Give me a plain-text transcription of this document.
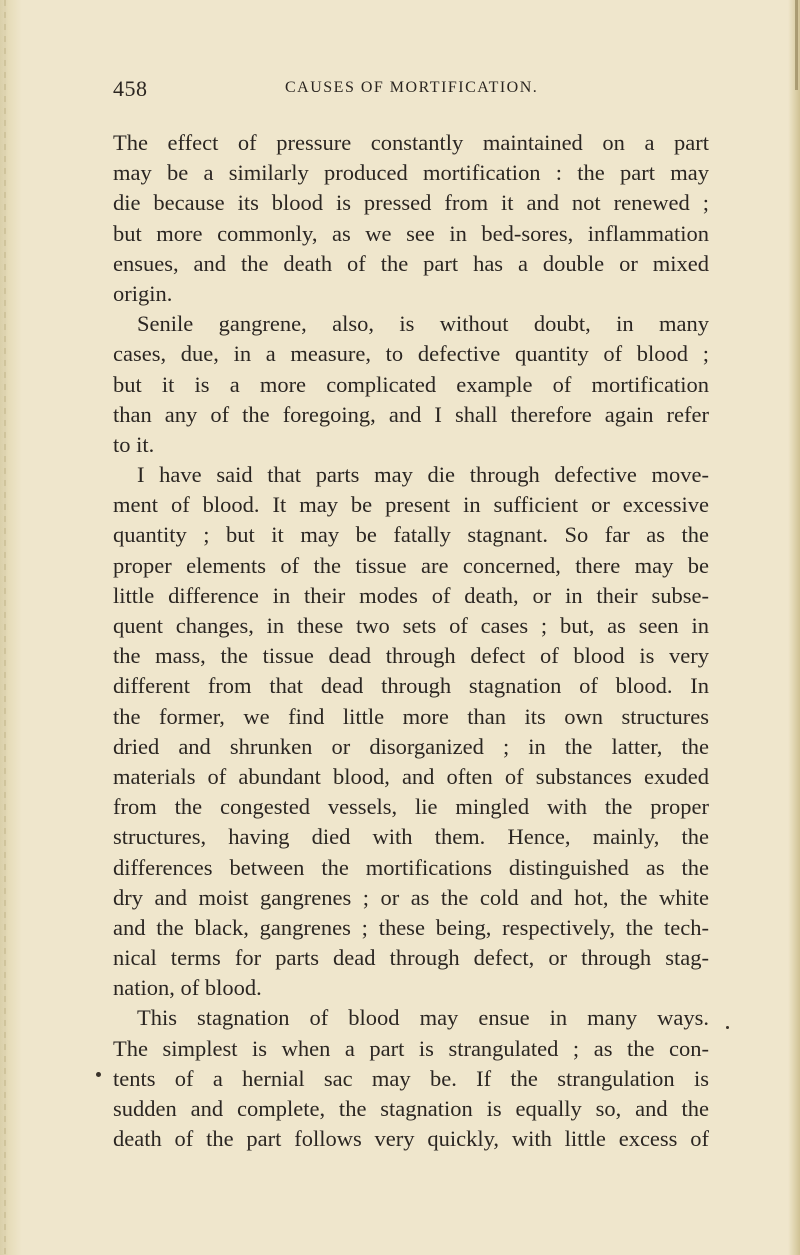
458	CAUSES OF MORTIFICATION.
The effect of pressure constantly maintained on a part
may be a similarly produced mortification : the part may
die because its blood is pressed from it and not renewed ;
but more commonly, as we see in bed-sores, inflammation
ensues, and the death of the part has a double or mixed
origin.
Senile gangrene, also, is without doubt, in many
cases, due, in a measure, to defective quantity of blood ;
but it is a more complicated example of mortification
than any of the foregoing, and I shall therefore again refer
to it.
I have said that parts may die through defective move-
ment of blood. It may be present in sufficient or excessive
quantity ; but it may be fatally stagnant. So far as the
proper elements of the tissue are concerned, there may be
little difference in their modes of death, or in their subse-
quent changes, in these two sets of cases ; but, as seen in
the mass, the tissue dead through defect of blood is very
different from that dead through stagnation of blood. In
the former, we find little more than its own structures
dried and shrunken or disorganized ; in the latter, the
materials of abundant blood, and often of substances exuded
from the congested vessels, lie mingled with the proper
structures, having died with them. Hence, mainly, the
differences between the mortifications distinguished as the
dry and moist gangrenes ; or as the cold and hot, the white
and the black, gangrenes ; these being, respectively, the tech-
nical terms for parts dead through defect, or through stag-
nation, of blood.
This stagnation of blood may ensue in many ways.
The simplest is when a part is strangulated ; as the con-
tents of a hernial sac may be. If the strangulation is
sudden and complete, the stagnation is equally so, and the
death of the part follows very quickly, with little excess of
